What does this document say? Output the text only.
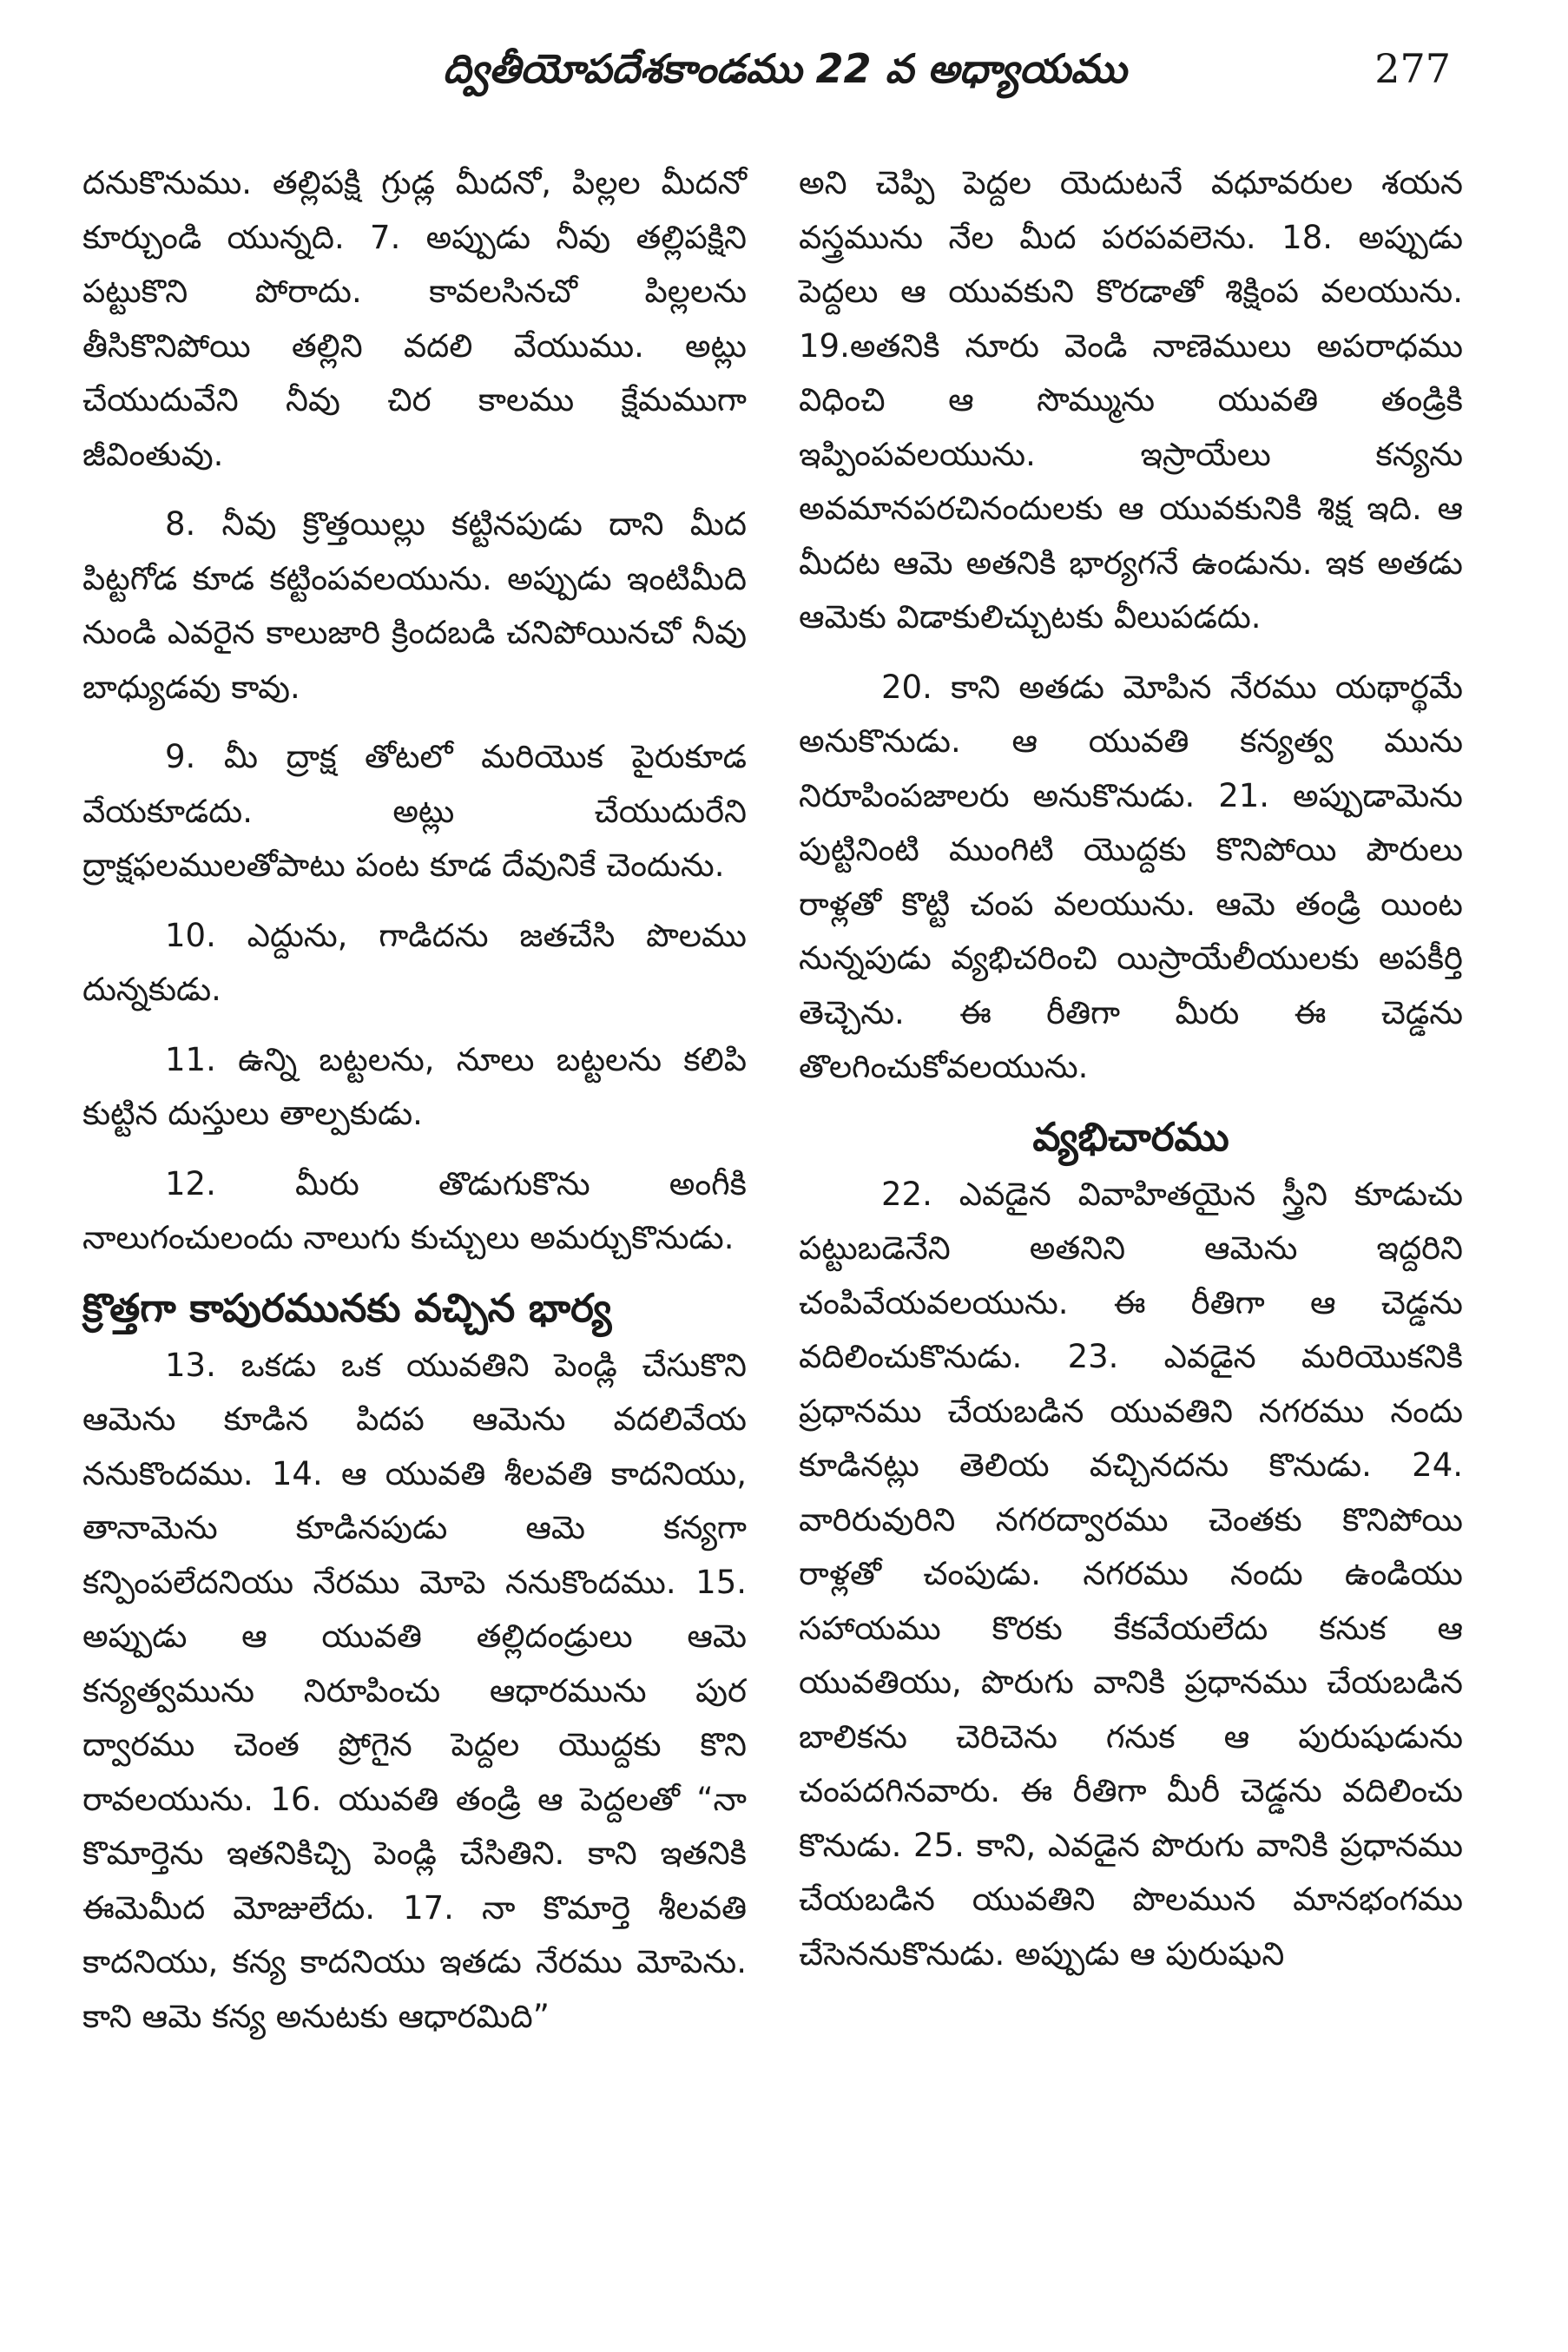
ద్వితీయోపదేశకాండము 22 వ అధ్యాయము	277

దనుకొనుము. తల్లిపక్షి గ్రుడ్ల మీదనో, పిల్లల మీదనో కూర్చుండి యున్నది. 7. అప్పుడు నీవు తల్లిపక్షిని పట్టుకొని పోరాదు. కావలసినచో పిల్లలను తీసికొనిపోయి తల్లిని వదలి వేయుము. అట్లు చేయుదువేని నీవు చిర కాలము క్షేమముగా జీవింతువు.

8. నీవు క్రొత్తయిల్లు కట్టినపుడు దాని మీద పిట్టగోడ కూడ కట్టింపవలయును. అప్పుడు ఇంటిమీది నుండి ఎవరైన కాలుజారి క్రిందబడి చనిపోయినచో నీవు బాధ్యుడవు కావు.

9. మీ ద్రాక్ష తోటలో మరియొక పైరుకూడ వేయకూడదు. అట్లు చేయుదురేని ద్రాక్షఫలములతోపాటు పంట కూడ దేవునికే చెందును.

10. ఎద్దును, గాడిదను జతచేసి పొలము దున్నకుడు.

11. ఉన్ని బట్టలను, నూలు బట్టలను కలిపి కుట్టిన దుస్తులు తాల్పకుడు.

12. మీరు తొడుగుకొను అంగీకి నాలుగంచులందు నాలుగు కుచ్చులు అమర్చుకొనుడు.

క్రొత్తగా కాపురమునకు వచ్చిన భార్య

13. ఒకడు ఒక యువతిని పెండ్లి చేసుకొని ఆమెను కూడిన పిదప ఆమెను వదలివేయ ననుకొందము. 14. ఆ యువతి శీలవతి కాదనియు, తానామెను కూడినపుడు ఆమె కన్యగా కన్పింపలేదనియు నేరము మోపె ననుకొందము. 15. అప్పుడు ఆ యువతి తల్లిదండ్రులు ఆమె కన్యత్వమును నిరూపించు ఆధారమును పుర ద్వారము చెంత ప్రోగైన పెద్దల యొద్దకు కొని రావలయును. 16. యువతి తండ్రి ఆ పెద్దలతో “నా కొమార్తెను ఇతనికిచ్చి పెండ్లి చేసితిని. కాని ఇతనికి ఈమెమీద మోజులేదు. 17. నా కొమార్తె శీలవతి కాదనియు, కన్య కాదనియు ఇతడు నేరము మోపెను. కాని ఆమె కన్య అనుటకు ఆధారమిది”

అని చెప్పి పెద్దల యెదుటనే వధూవరుల శయన వస్త్రమును నేల మీద పరపవలెను. 18. అప్పుడు పెద్దలు ఆ యువకుని కొరడాతో శిక్షింప వలయును. 19.అతనికి నూరు వెండి నాణెములు అపరాధము విధించి ఆ సొమ్మును యువతి తండ్రికి ఇప్పింపవలయును. ఇస్రాయేలు కన్యను అవమానపరచినందులకు ఆ యువకునికి శిక్ష ఇది. ఆ మీదట ఆమె అతనికి భార్యగనే ఉండును. ఇక అతడు ఆమెకు విడాకులిచ్చుటకు వీలుపడదు.

20. కాని అతడు మోపిన నేరము యథార్థమే అనుకొనుడు. ఆ యువతి కన్యత్వ మును నిరూపింపజాలరు అనుకొనుడు. 21. అప్పుడామెను పుట్టినింటి ముంగిటి యొద్దకు కొనిపోయి పౌరులు రాళ్లతో కొట్టి చంప వలయును. ఆమె తండ్రి యింట నున్నపుడు వ్యభిచరించి యిస్రాయేలీయులకు అపకీర్తి తెచ్చెను. ఈ రీతిగా మీరు ఈ చెడ్డను తొలగించుకోవలయును.

వ్యభిచారము

22. ఎవడైన వివాహితయైన స్త్రీని కూడుచు పట్టుబడెనేని అతనిని ఆమెను ఇద్దరిని చంపివేయవలయును. ఈ రీతిగా ఆ చెడ్డను వదిలించుకొనుడు. 23. ఎవడైన మరియొకనికి ప్రధానము చేయబడిన యువతిని నగరము నందు కూడినట్లు తెలియ వచ్చినదను కొనుడు. 24. వారిరువురిని నగరద్వారము చెంతకు కొనిపోయి రాళ్లతో చంపుడు. నగరము నందు ఉండియు సహాయము కొరకు కేకవేయలేదు కనుక ఆ యువతియు, పొరుగు వానికి ప్రధానము చేయబడిన బాలికను చెరిచెను గనుక ఆ పురుషుడును చంపదగినవారు. ఈ రీతిగా మీరీ చెడ్డను వదిలించు కొనుడు. 25. కాని, ఎవడైన పొరుగు వానికి ప్రధానము చేయబడిన యువతిని పొలమున మానభంగము చేసెననుకొనుడు. అప్పుడు ఆ పురుషుని
